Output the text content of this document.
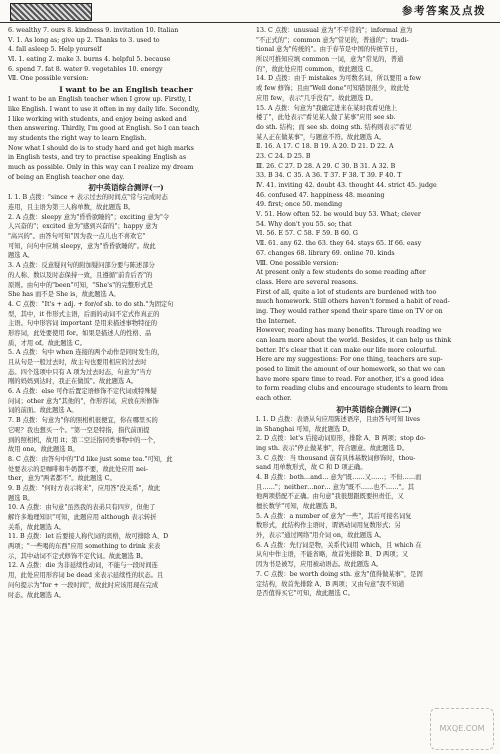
参考答案及点拨
6. wealthy 7. ours 8. kindness 9. invitation 10. Italian
Ⅴ. 1. As long as; give up 2. Thanks to 3. used to
4. fall asleep 5. Help yourself
Ⅵ. 1. eating 2. make 3. burns 4. helpful 5. because
6. spend 7. fat 8. water 9. vegetables 10. energy
Ⅶ. One possible version:
I want to be an English teacher
I want to be an English teacher when I grow up. Firstly, I
like English. I want to use it often in my daily life. Secondly,
I like working with students, and enjoy being asked and
then answering. Thirdly, I'm good at English. So I can teach
my students the right way to learn English.
Now what I should do is to study hard and get high marks
in English tests, and try to practise speaking English as
much as possible. Only in this way can I realize my dream
of being an English teacher one day.
初中英语综合测评(一)
Ⅰ. 1. B 点拨："since + 表示过去的时间点"常与完成时态
连用，且主语为第三人称单数，故此题选 B。
2. A 点拨：sleepy 意为"昏昏欲睡的"；exciting 意为"令
人兴奋的"；excited 意为"感到兴奋的"；happy 意为
"高兴的"。由答句可知"因为我一点儿也不喜欢它"
可知，问句中应填 sleepy，意为"昏昏欲睡的"。故此
题选 A。
3. A 点拨：反意疑问句的附加疑问部分要与陈述部分
的人称、数以及时态保持一致，且遵循"前肯后否"的
原则。由句中的"been"可知，"She's"的完整形式是
She has 而不是 She is，故此题选 A。
4. C 点拨："It's + adj. + for/of sb. to do sth."为固定句
型，其中，it 作形式主语，后面的动词不定式作真正的
主语。句中形容词 important 是用来描述事物特征的
形容词，此处要使用 for。如果是描述人的性格、品
质，才用 of。故此题选 C。
5. A 点拨：句中 when 连接的两个动作是同时发生的，
且从句是一般过去时，故主句也要用相应的过去时
态。四个选项中只有 A 项为过去时态，句意为"当方
刚的妈妈到达时，我正在做饭"。故此题选 A。
6. A 点拨：else 可作后置定语修饰不定代词或特殊疑
问词；other 意为"其他的"，作形容词，应放在所修饰
词的前面。故此题选 A。
7. B 点拨：句意为"你的照相机很便宜，你在哪里买的
它呢？我也想买一个。"第一空是特指，指代前面提
到的照相机，故用 it；第二空泛指同类事物中的一个，
故用 one。故此题选 B。
8. C 点拨：由答句中的"I'd like just some tea."可知，此
处要表示的是咖啡和牛奶都不要，故此处应用 nei-
ther，意为"两者都不"。故此题选 C。
9. B 点拨："何时方表示将来"，应用答"没关系"，故此
题选 B。
10. A 点拨：由句意"虽然我的表弟只有四岁，但他了
解许多地理知识"可知，此题应用 although 表示转折
关系，故此题选 A。
11. B 点拨：let 后要接人称代词的宾格，故可排除 A、D
两项；"一些喝的东西"应用 something to drink 来表
示，其中动词不定式修饰不定代词。故此题选 B。
12. A 点拨：die 为非延续性动词，不能与一段时间连
用，此处应用形容词 be dead 来表示延续性的状态。且
问句提示为"for + 一段时间"，故此时应该用现在完成
时态。故此题选 A。
13. C 点拨：unusual 意为"不平常的"；informal 意为
"不正式的"；common 意为"常见的，普通的"；tradi-
tional 意为"传统的"。由于春节是中国的传统节日，
所以可推知应填 common 一词，意为"常见的，普通
的"，故此处应用 common，故此题选 C。
14. D 点拨：由于 mistakes 为可数名词，所以要用 a few
或 few 修饰；且由"Well done"可知错误很少，故此处
应用 few，表示"几乎没有"。故此题选 D。
15. A 点拨：句意为"我确定进来在某时我看见他上
楼了"，此处表示"看见某人做了某事"应用 see sb.
do sth. 结构；而 see sb. doing sth. 结构则表示"看见
某人正在做某事"，与题意不符。故此题选 A。
Ⅱ. 16. A 17. C 18. B 19. A 20. D 21. D 22. A
23. C 24. D 25. B
Ⅲ. 26. C 27. D 28. A 29. C 30. B 31. A 32. B
33. B 34. C 35. A 36. T 37. F 38. T 39. F 40. T
Ⅳ. 41. inviting 42. doubt 43. thought 44. strict 45. judge
46. confused 47. happiness 48. meaning
49. first; once 50. mending
Ⅴ. 51. How often 52. be would buy 53. What; clever
54. Why don't you 55. so; that
Ⅵ. 56. E 57. C 58. F 59. B 60. G
Ⅶ. 61. any 62. the 63. they 64. stays 65. If 66. easy
67. changes 68. library 69. online 70. kinds
Ⅷ. One possible version:
At present only a few students do some reading after
class. Here are several reasons.
First of all, quite a lot of students are burdened with too
much homework. Still others haven't formed a habit of read-
ing. They would rather spend their spare time on TV or on
the Internet.
However, reading has many benefits. Through reading we
can learn more about the world. Besides, it can help us think
better. It's clear that it can make our life more colourful.
Here are my suggestions: For one thing, teachers are sup-
posed to limit the amount of our homework, so that we can
have more spare time to read. For another, it's a good idea
to form reading clubs and encourage students to learn from
each other.
初中英语综合测评(二)
Ⅰ. 1. D 点拨：表语从句应用陈述语序，且由答句可知 lives
in Shanghai 可知，故此题选 D。
2. D 点拨：let's 后接动词原形，排除 A、B 两项；stop do-
ing sth. 表示"停止做某事"，符合题意。故此题选 D。
3. C 点拨：当 thousand 前有具体基数词修饰时，thou-
sand 用单数形式，故 C 和 D 项正确。
4. B 点拨：both…and… 意为"既……又……；不但……而
且……"；neither…nor… 意为"既不……也不……"。其
他两项搭配不正确。由句意"我很想跟既要担责任，又
擅长数学"可知，故此题选 B。
5. A 点拨：a number of 意为"一些"，其后可接名词复
数形式，此结构作主语时，谓语动词用复数形式；另
外，表示"通过网络"用介词 on，故此题选 A。
6. A 点拨：先行词是物，关系代词用 which，且 which 在
从句中作主语，不能省略，故首先排除 B、D 两项；又
因为书是被写，应用被动语态。故此题选 A。
7. C 点拨：be worth doing sth. 意为"值得做某事"，是固
定结构，故首先排除 A、B 两项；又由句意"我不知道
是否值得买它"可知，故此题选 C。
MXQE.COM
